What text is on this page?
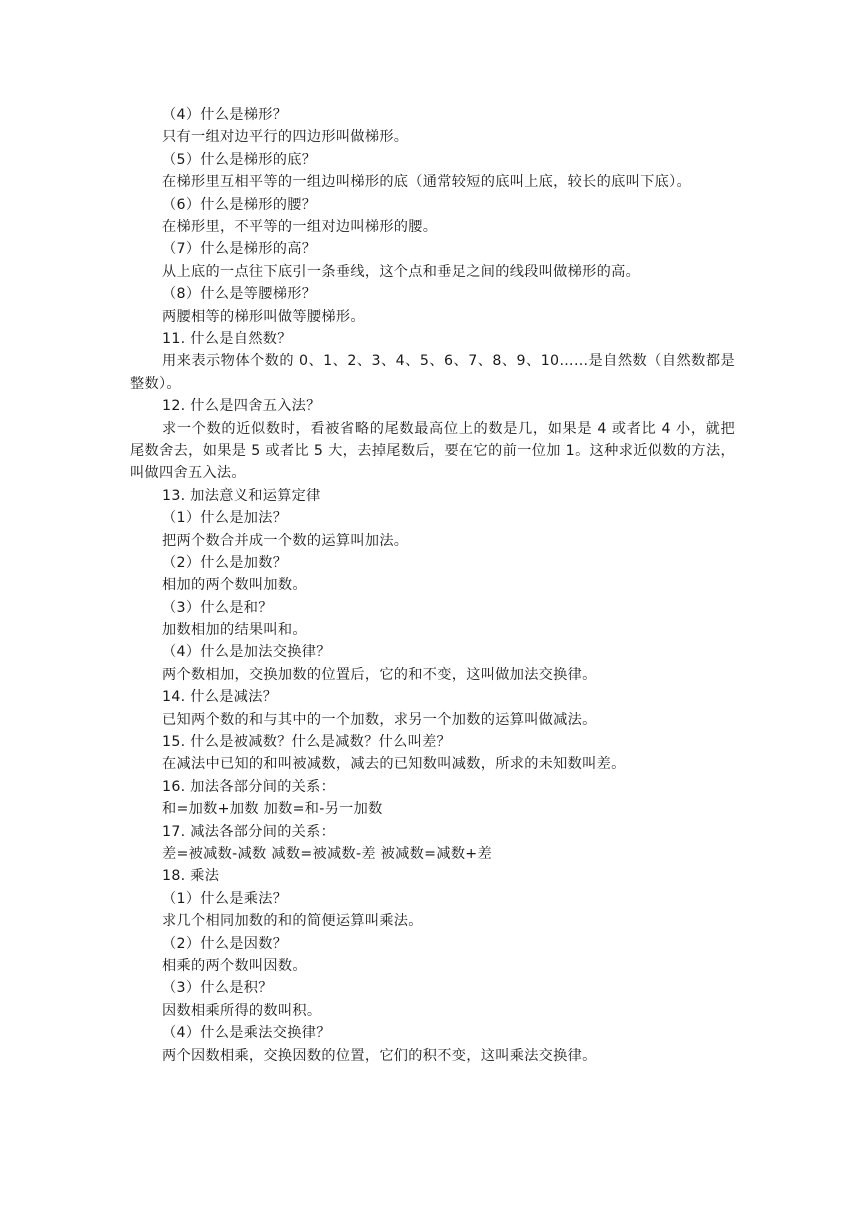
（4）什么是梯形？
只有一组对边平行的四边形叫做梯形。
（5）什么是梯形的底？
在梯形里互相平等的一组边叫梯形的底（通常较短的底叫上底，较长的底叫下底）。
（6）什么是梯形的腰？
在梯形里，不平等的一组对边叫梯形的腰。
（7）什么是梯形的高？
从上底的一点往下底引一条垂线，这个点和垂足之间的线段叫做梯形的高。
（8）什么是等腰梯形？
两腰相等的梯形叫做等腰梯形。
11. 什么是自然数？
用来表示物体个数的 0、1、2、3、4、5、6、7、8、9、10……是自然数（自然数都是整数）。
12. 什么是四舍五入法？
求一个数的近似数时，看被省略的尾数最高位上的数是几，如果是 4 或者比 4 小，就把尾数舍去，如果是 5 或者比 5 大，去掉尾数后，要在它的前一位加 1。这种求近似数的方法，叫做四舍五入法。
13. 加法意义和运算定律
（1）什么是加法？
把两个数合并成一个数的运算叫加法。
（2）什么是加数？
相加的两个数叫加数。
（3）什么是和？
加数相加的结果叫和。
（4）什么是加法交换律？
两个数相加，交换加数的位置后，它的和不变，这叫做加法交换律。
14. 什么是减法？
已知两个数的和与其中的一个加数，求另一个加数的运算叫做减法。
15. 什么是被减数？什么是减数？什么叫差？
在减法中已知的和叫被减数，减去的已知数叫减数，所求的未知数叫差。
16. 加法各部分间的关系：
和=加数+加数 加数=和-另一加数
17. 减法各部分间的关系：
差=被减数-减数 减数=被减数-差 被减数=减数+差
18. 乘法
（1）什么是乘法？
求几个相同加数的和的简便运算叫乘法。
（2）什么是因数？
相乘的两个数叫因数。
（3）什么是积？
因数相乘所得的数叫积。
（4）什么是乘法交换律？
两个因数相乘，交换因数的位置，它们的积不变，这叫乘法交换律。
